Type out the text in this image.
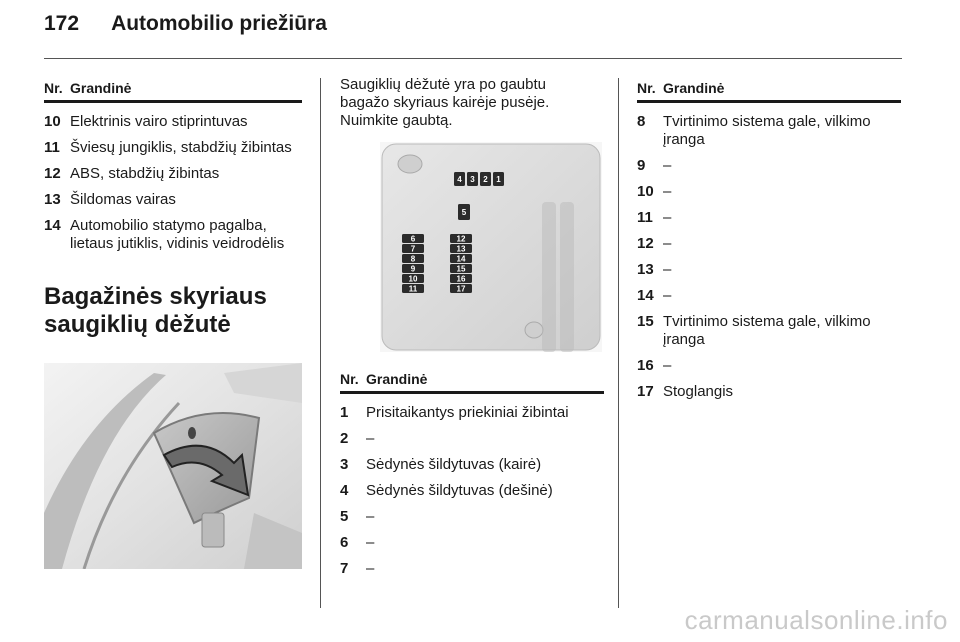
172 Automobilio priežiūra
Nr. Grandinė
10 Elektrinis vairo stiprintuvas
11 Šviesų jungiklis, stabdžių žibintas
12 ABS, stabdžių žibintas
13 Šildomas vairas
14 Automobilio statymo pagalba, lietaus jutiklis, vidinis veidrodėlis
Bagažinės skyriaus
saugiklių dėžutė
Saugiklių dėžutė yra po gaubtu
bagažo skyriaus kairėje pusėje.
Nuimkite gaubtą.
4 3 2 1
5
6
7
8
9
10
11
12
13
14
15
16
17
Nr. Grandinė
1	Prisitaikantys priekiniai žibintai
2	–
3	Sėdynės šildytuvas (kairė)
4	Sėdynės šildytuvas (dešinė)
5	–
6	–
7	–
Nr. Grandinė
8	Tvirtinimo sistema gale, vilkimo įranga
9	–
10 –
11 –
12 –
13 –
14 –
15 Tvirtinimo sistema gale, vilkimo įranga
16 –
17 Stoglangis
carmanualsonline.info
